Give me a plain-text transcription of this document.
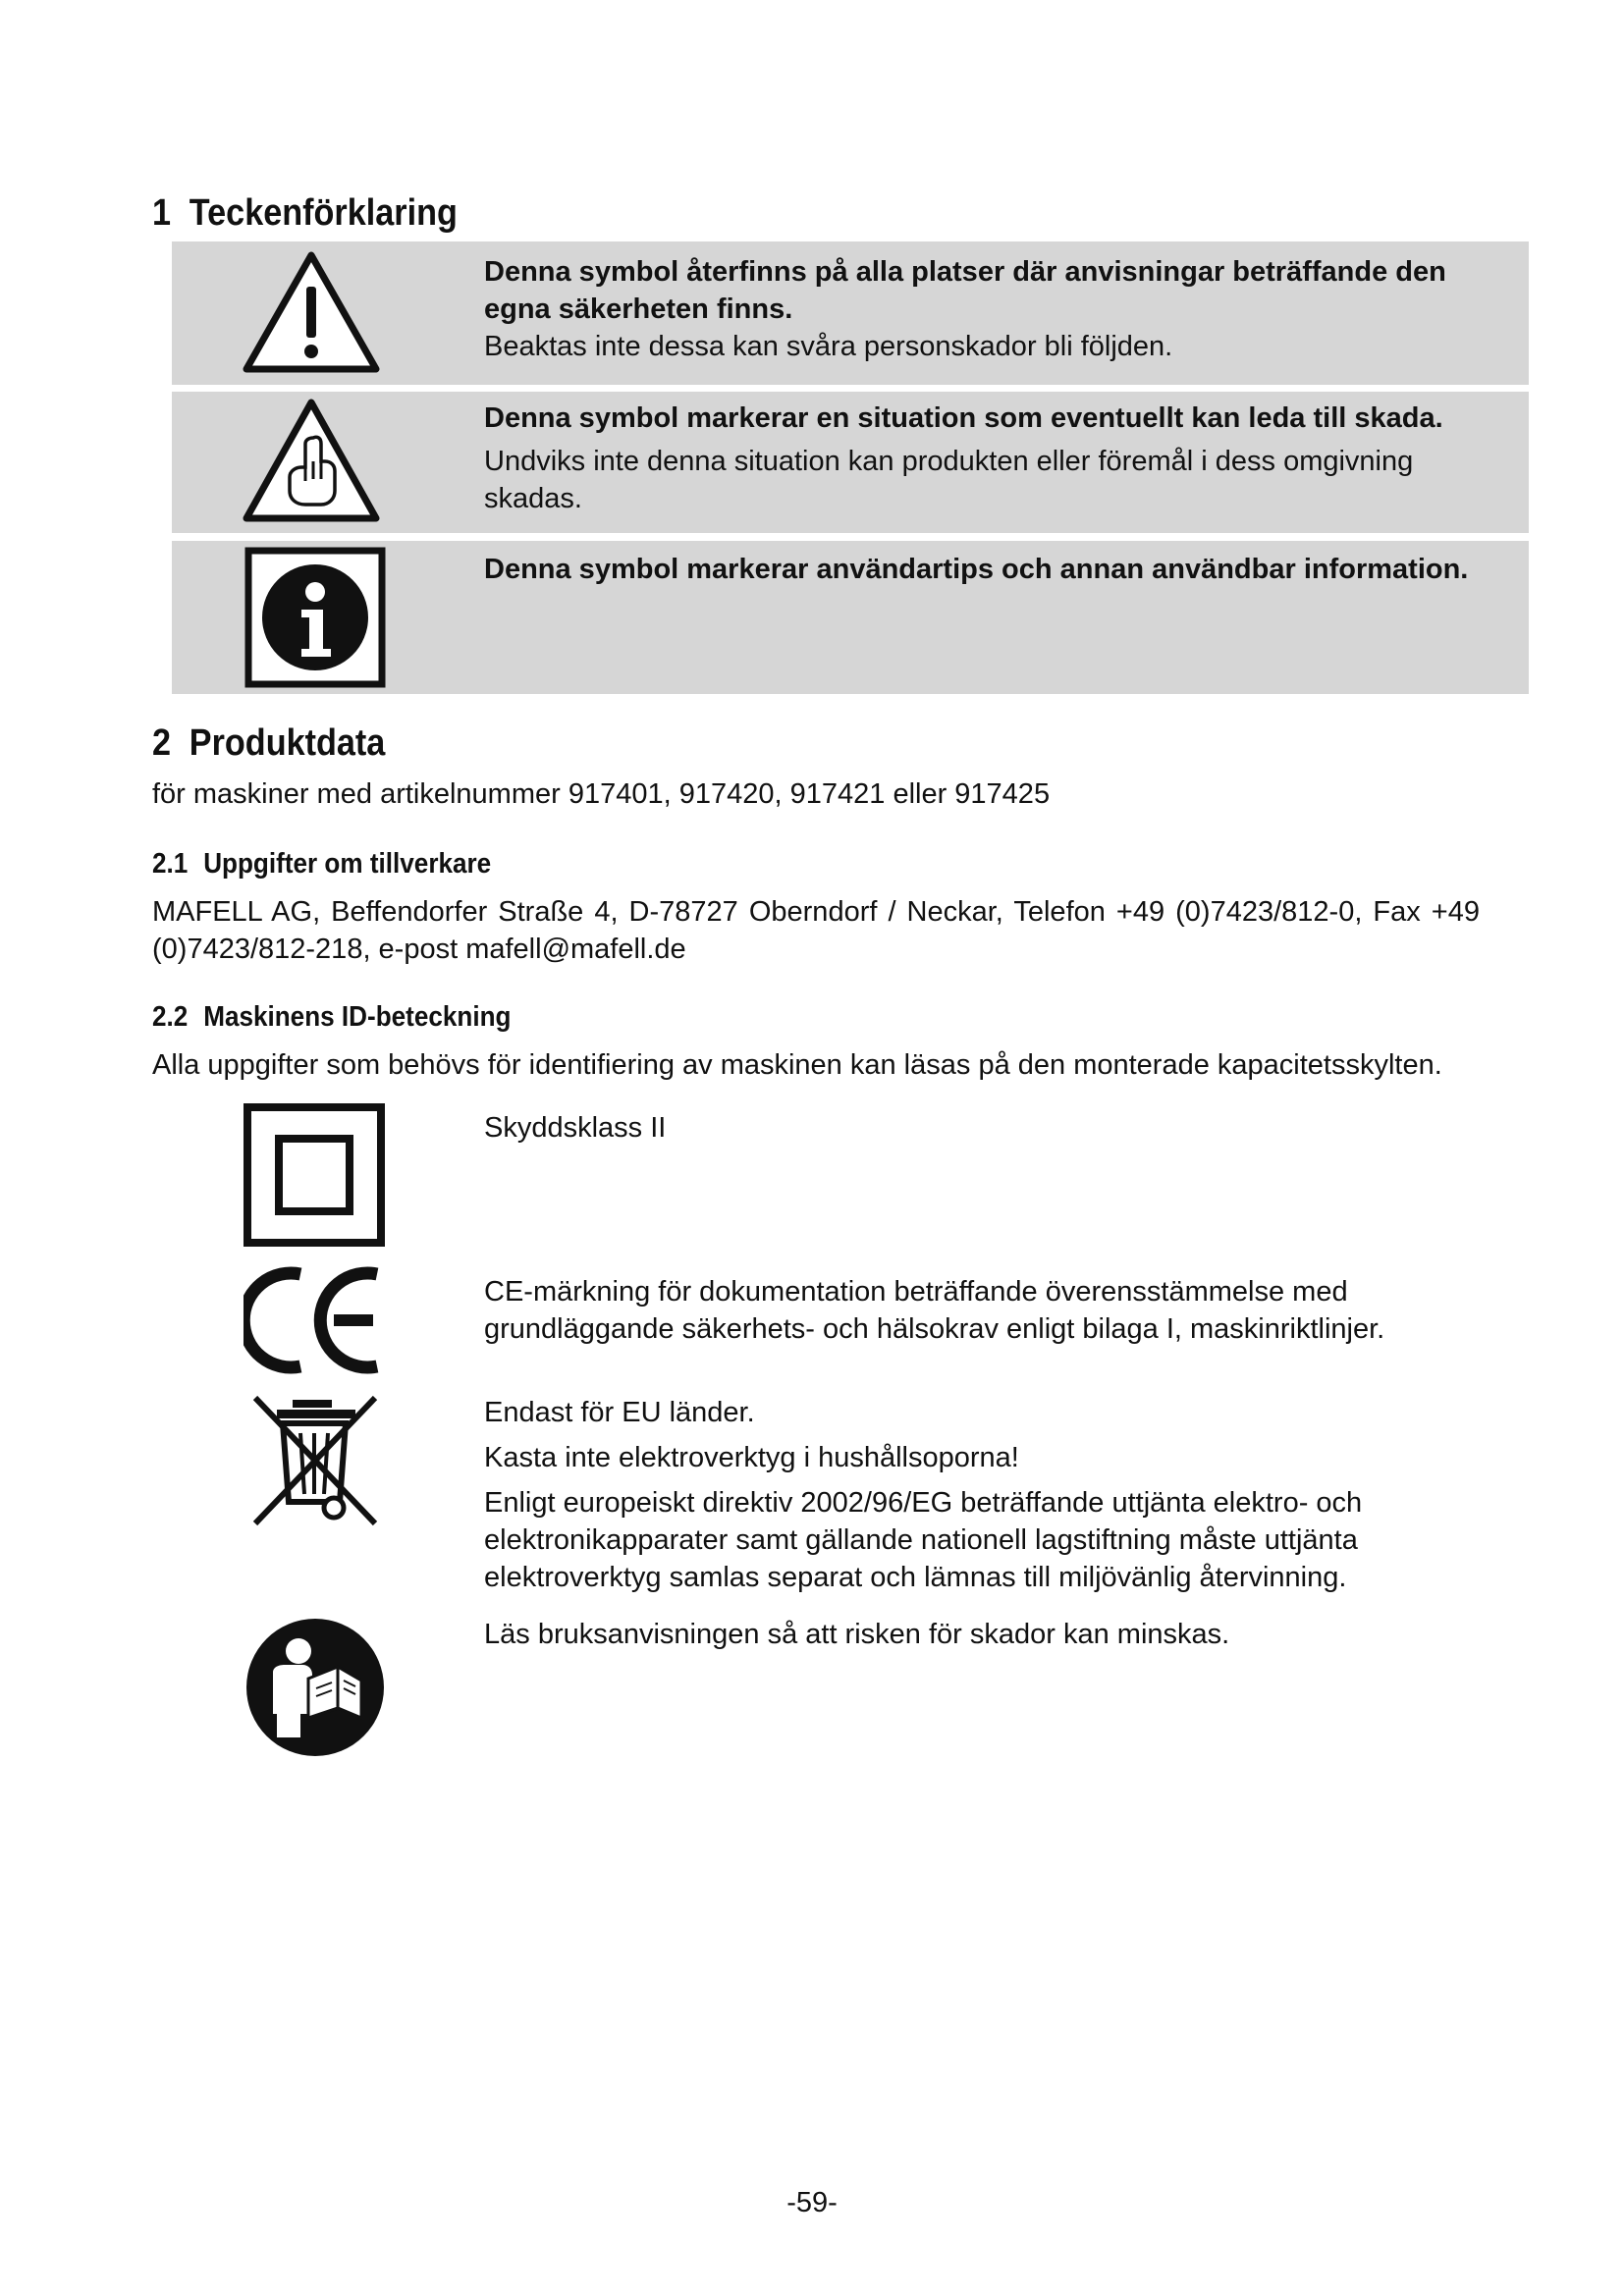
1 Teckenförklaring
Denna symbol återfinns på alla platser där anvisningar beträffande den egna säkerheten finns.
Beaktas inte dessa kan svåra personskador bli följden.
Denna symbol markerar en situation som eventuellt kan leda till skada.
Undviks inte denna situation kan produkten eller föremål i dess omgivning skadas.
Denna symbol markerar användartips och annan användbar information.
2 Produktdata
för maskiner med artikelnummer 917401, 917420, 917421 eller 917425
2.1 Uppgifter om tillverkare
MAFELL AG, Beffendorfer Straße 4, D-78727 Oberndorf / Neckar, Telefon +49 (0)7423/812-0, Fax +49 (0)7423/812-218, e-post mafell@mafell.de
2.2 Maskinens ID-beteckning
Alla uppgifter som behövs för identifiering av maskinen kan läsas på den monterade kapacitetsskylten.

Skyddsklass II

CE-märkning för dokumentation beträffande överensstämmelse med grundläggande säkerhets- och hälsokrav enligt bilaga I, maskinriktlinjer.

Endast för EU länder.

Kasta inte elektroverktyg i hushållsoporna!

Enligt europeiskt direktiv 2002/96/EG beträffande uttjänta elektro- och elektronikapparater samt gällande nationell lagstiftning måste uttjänta elektroverktyg samlas separat och lämnas till miljövänlig återvinning.

Läs bruksanvisningen så att risken för skador kan minskas.

-59-
